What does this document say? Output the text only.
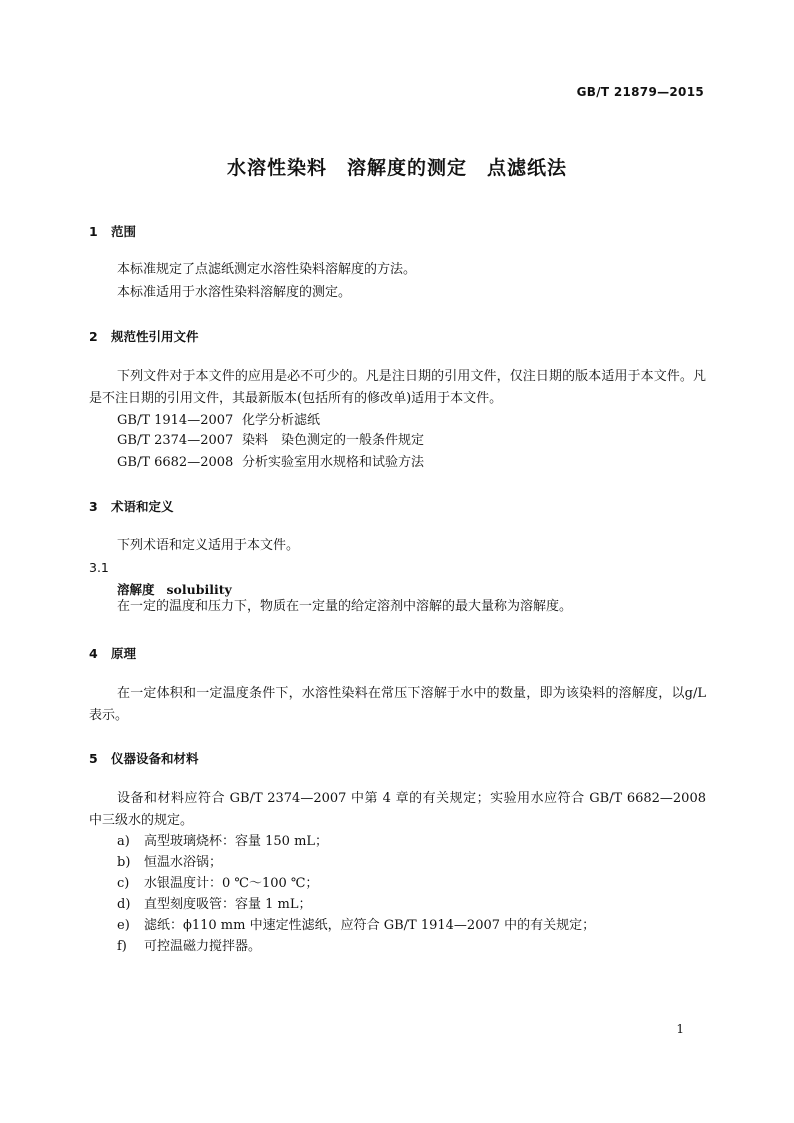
GB/T 21879—2015
水溶性染料　溶解度的测定　点滤纸法
1 范围
本标准规定了点滤纸测定水溶性染料溶解度的方法。
本标准适用于水溶性染料溶解度的测定。
2 规范性引用文件
下列文件对于本文件的应用是必不可少的。凡是注日期的引用文件，仅注日期的版本适用于本文件。凡是不注日期的引用文件，其最新版本(包括所有的修改单)适用于本文件。
GB/T 1914—2007 化学分析滤纸
GB/T 2374—2007 染料　染色测定的一般条件规定
GB/T 6682—2008 分析实验室用水规格和试验方法
3 术语和定义
下列术语和定义适用于本文件。
3.1
溶解度 solubility
在一定的温度和压力下，物质在一定量的给定溶剂中溶解的最大量称为溶解度。
4 原理
在一定体积和一定温度条件下，水溶性染料在常压下溶解于水中的数量，即为该染料的溶解度，以g/L表示。
5 仪器设备和材料
设备和材料应符合 GB/T 2374—2007 中第 4 章的有关规定；实验用水应符合 GB/T 6682—2008 中三级水的规定。
a) 高型玻璃烧杯：容量 150 mL；
b) 恒温水浴锅；
c) 水银温度计：0 ℃～100 ℃；
d) 直型刻度吸管：容量 1 mL；
e) 滤纸：ϕ110 mm 中速定性滤纸，应符合 GB/T 1914—2007 中的有关规定；
f) 可控温磁力搅拌器。
1
